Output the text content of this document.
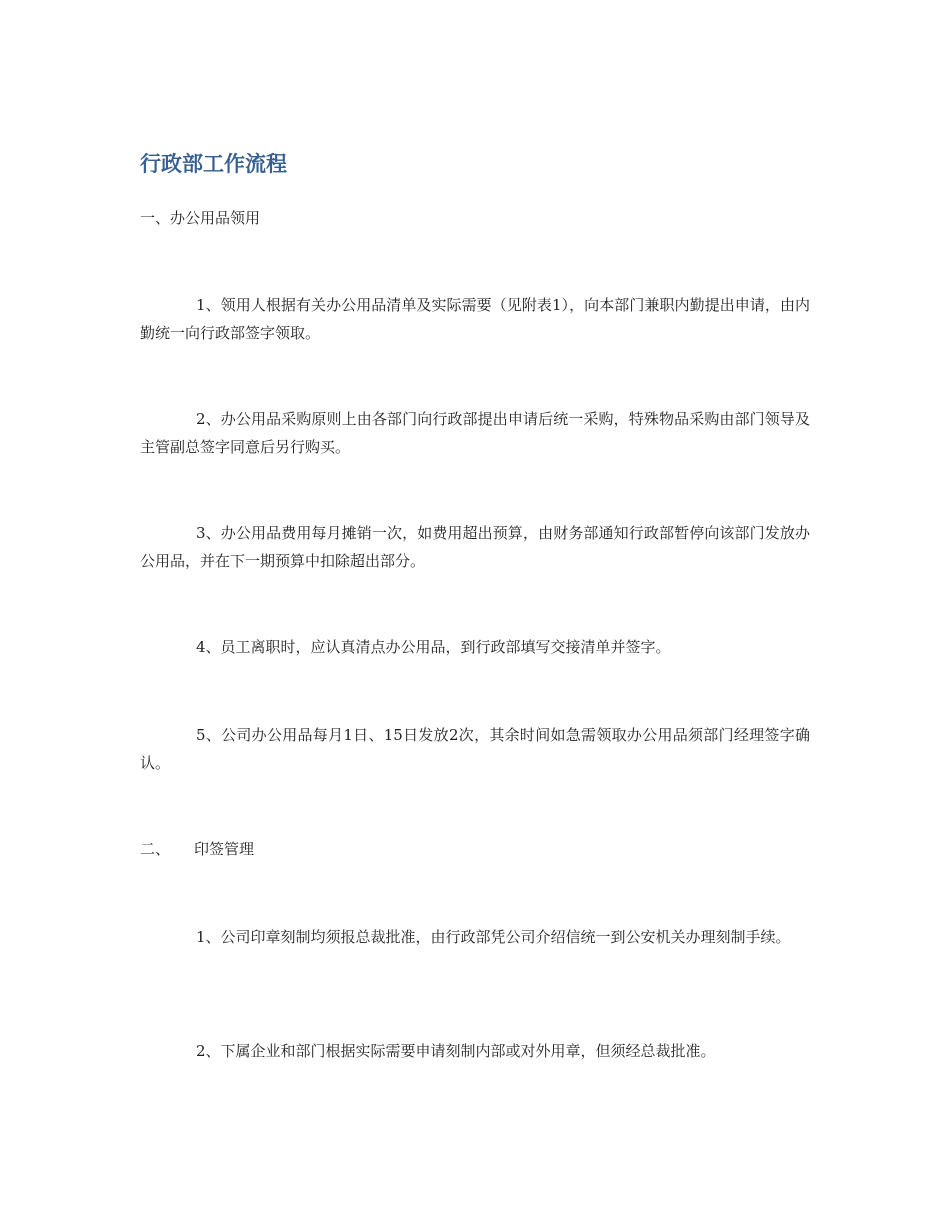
行政部工作流程
一、办公用品领用

1、领用人根据有关办公用品清单及实际需要（见附表1），向本部门兼职内勤提出申请，由内勤统一向行政部签字领取。

2、办公用品采购原则上由各部门向行政部提出申请后统一采购，特殊物品采购由部门领导及主管副总签字同意后另行购买。

3、办公用品费用每月摊销一次，如费用超出预算，由财务部通知行政部暂停向该部门发放办公用品，并在下一期预算中扣除超出部分。

4、员工离职时，应认真清点办公用品，到行政部填写交接清单并签字。

5、公司办公用品每月1日、15日发放2次，其余时间如急需领取办公用品须部门经理签字确认。

二、 印签管理

1、公司印章刻制均须报总裁批准，由行政部凭公司介绍信统一到公安机关办理刻制手续。

2、下属企业和部门根据实际需要申请刻制内部或对外用章，但须经总裁批准。
